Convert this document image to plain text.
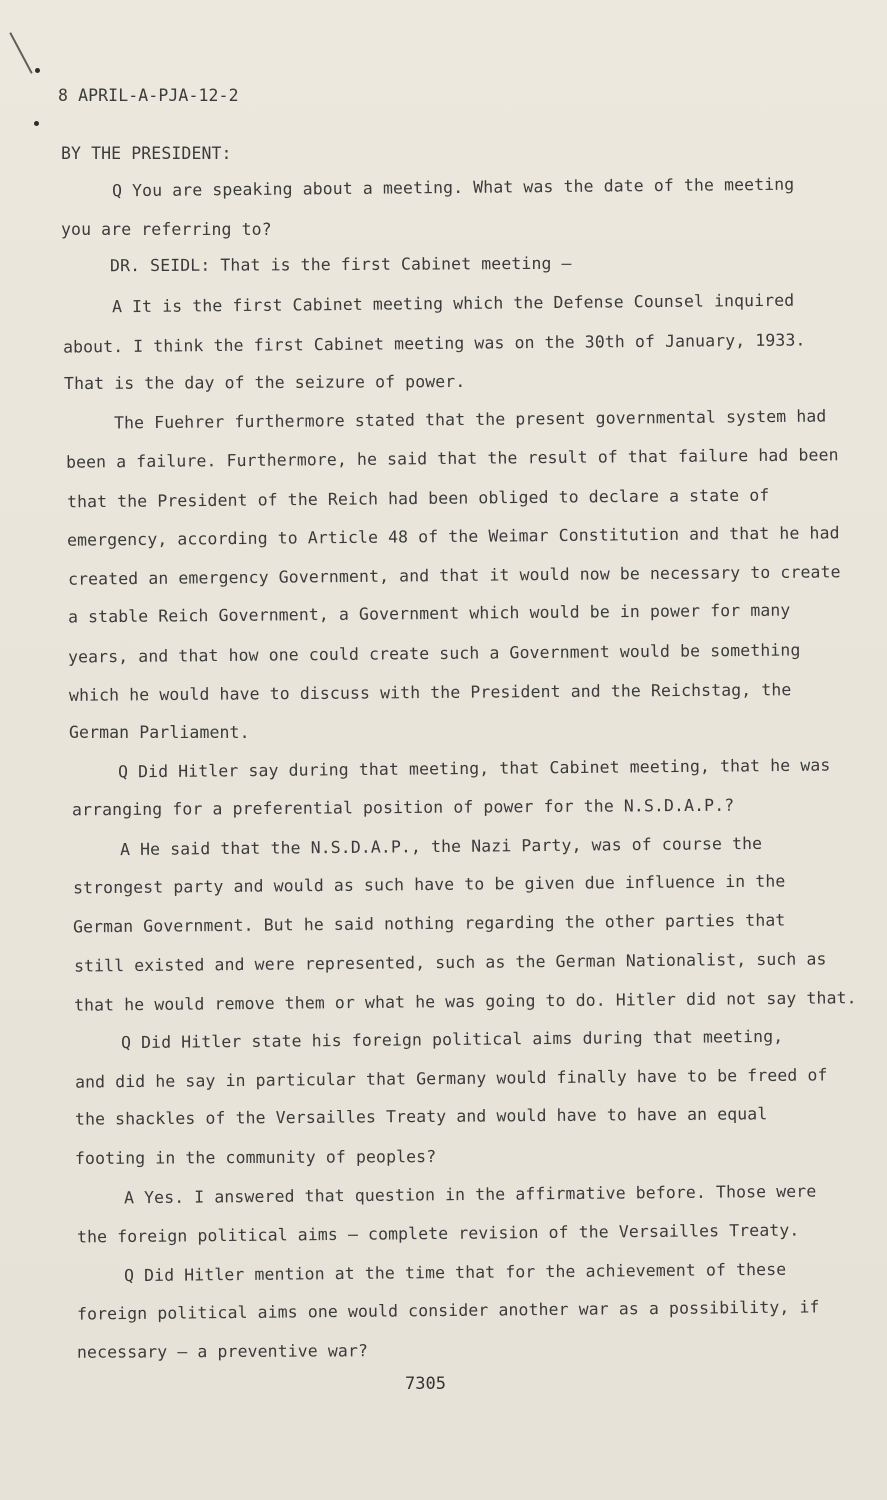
8 APRIL-A-PJA-12-2
BY THE PRESIDENT:
Q You are speaking about a meeting. What was the date of the meeting
you are referring to?
DR. SEIDL: That is the first Cabinet meeting —
A It is the first Cabinet meeting which the Defense Counsel inquired
about. I think the first Cabinet meeting was on the 30th of January, 1933.
That is the day of the seizure of power.
The Fuehrer furthermore stated that the present governmental system had
been a failure. Furthermore, he said that the result of that failure had been
that the President of the Reich had been obliged to declare a state of
emergency, according to Article 48 of the Weimar Constitution and that he had
created an emergency Government, and that it would now be necessary to create
a stable Reich Government, a Government which would be in power for many
years, and that how one could create such a Government would be something
which he would have to discuss with the President and the Reichstag, the
German Parliament.
Q Did Hitler say during that meeting, that Cabinet meeting, that he was
arranging for a preferential position of power for the N.S.D.A.P.?
A He said that the N.S.D.A.P., the Nazi Party, was of course the
strongest party and would as such have to be given due influence in the
German Government. But he said nothing regarding the other parties that
still existed and were represented, such as the German Nationalist, such as
that he would remove them or what he was going to do. Hitler did not say that.
Q Did Hitler state his foreign political aims during that meeting,
and did he say in particular that Germany would finally have to be freed of
the shackles of the Versailles Treaty and would have to have an equal
footing in the community of peoples?
A Yes. I answered that question in the affirmative before. Those were
the foreign political aims — complete revision of the Versailles Treaty.
Q Did Hitler mention at the time that for the achievement of these
foreign political aims one would consider another war as a possibility, if
necessary — a preventive war?
7305
